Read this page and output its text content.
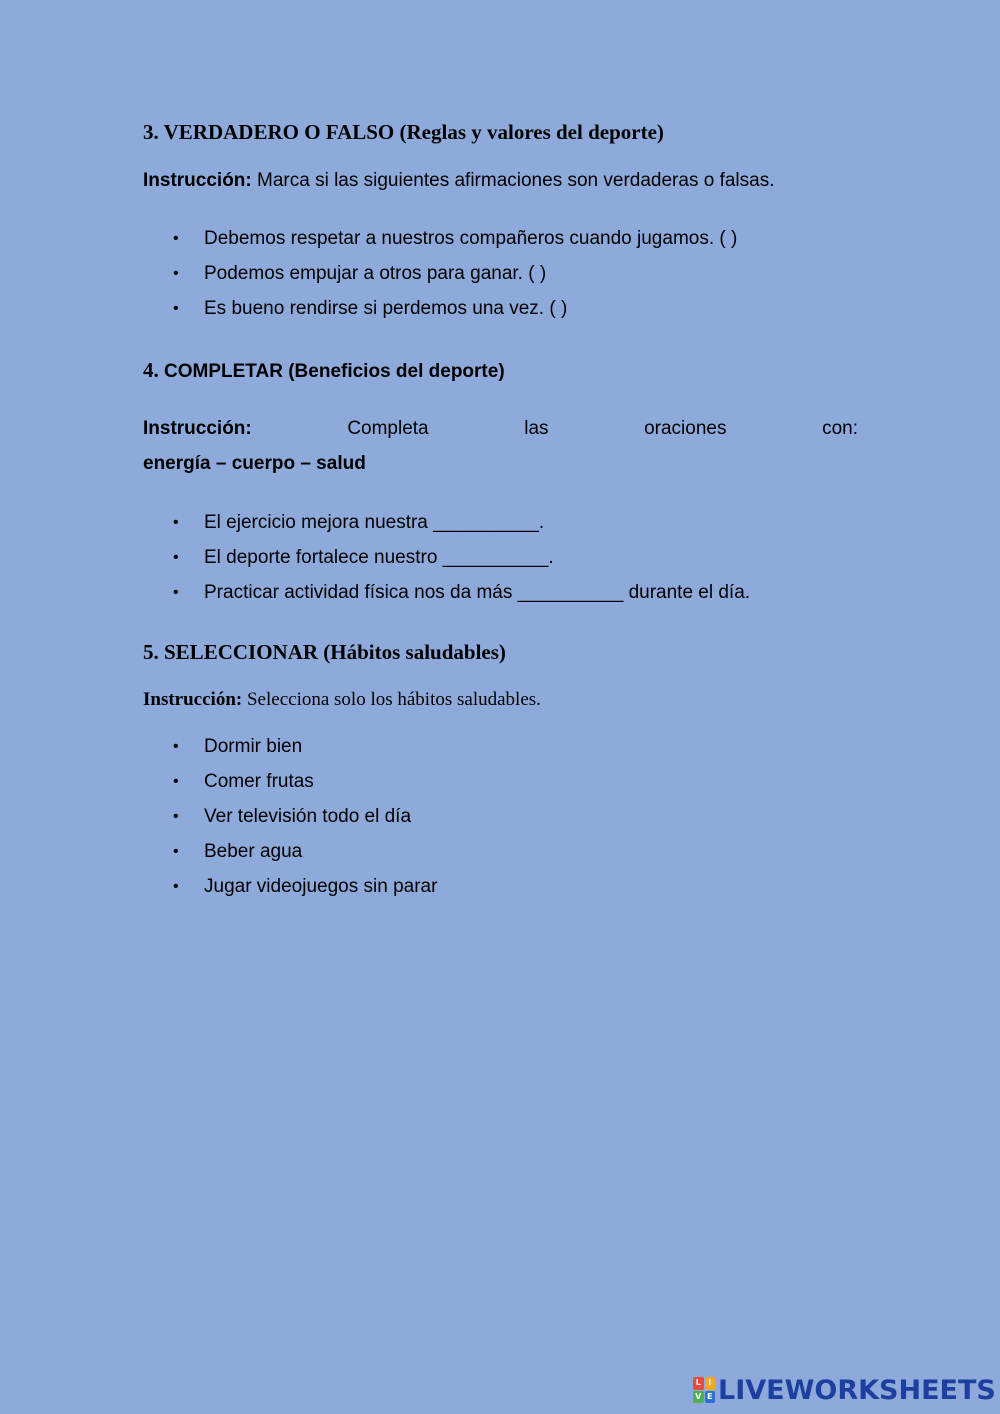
3. VERDADERO O FALSO (Reglas y valores del deporte)

Instrucción: Marca si las siguientes afirmaciones son verdaderas o falsas.

• Debemos respetar a nuestros compañeros cuando jugamos. ( )
• Podemos empujar a otros para ganar. ( )
• Es bueno rendirse si perdemos una vez. ( )
4. COMPLETAR (Beneficios del deporte)
Instrucción:	Completa	las	oraciones	con:

energía – cuerpo – salud

• El ejercicio mejora nuestra __________.
• El deporte fortalece nuestro __________.
• Practicar actividad física nos da más __________ durante el día.
5. SELECCIONAR (Hábitos saludables)

Instrucción: Selecciona solo los hábitos saludables.

• Dormir bien
• Comer frutas
• Ver televisión todo el día
• Beber agua
• Jugar videojuegos sin parar
L I
V E LIVEWORKSHEETS
